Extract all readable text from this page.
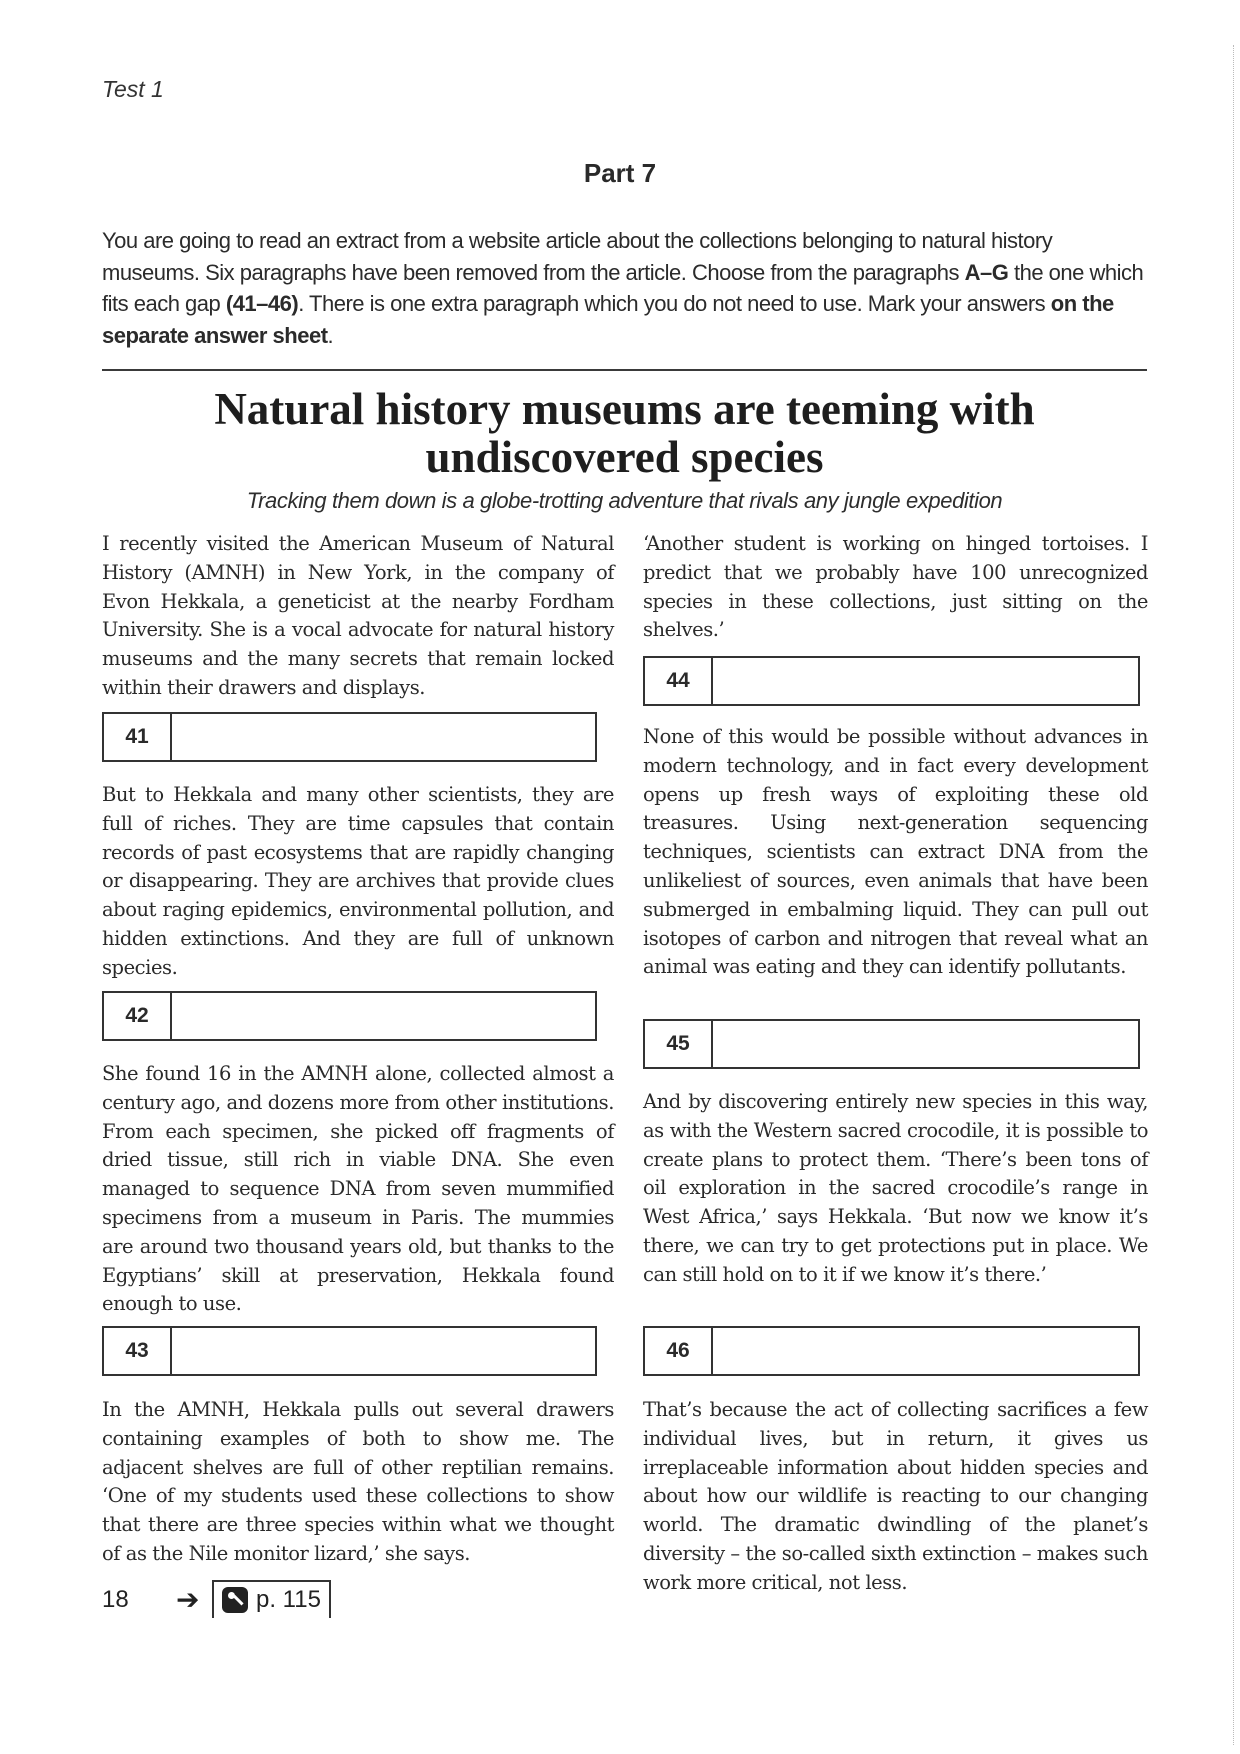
Test 1
Part 7
You are going to read an extract from a website article about the collections belonging to natural history museums. Six paragraphs have been removed from the article. Choose from the paragraphs A–G the one which fits each gap (41–46). There is one extra paragraph which you do not need to use. Mark your answers on the separate answer sheet.
Natural history museums are teeming with undiscovered species
Tracking them down is a globe-trotting adventure that rivals any jungle expedition

I recently visited the American Museum of Natural History (AMNH) in New York, in the company of Evon Hekkala, a geneticist at the nearby Fordham University. She is a vocal advocate for natural history museums and the many secrets that remain locked within their drawers and displays.

41

But to Hekkala and many other scientists, they are full of riches. They are time capsules that contain records of past ecosystems that are rapidly changing or disappearing. They are archives that provide clues about raging epidemics, environmental pollution, and hidden extinctions. And they are full of unknown species.

42

She found 16 in the AMNH alone, collected almost a century ago, and dozens more from other institutions. From each specimen, she picked off fragments of dried tissue, still rich in viable DNA. She even managed to sequence DNA from seven mummified specimens from a museum in Paris. The mummies are around two thousand years old, but thanks to the Egyptians’ skill at preservation, Hekkala found enough to use.

43

In the AMNH, Hekkala pulls out several drawers containing examples of both to show me. The adjacent shelves are full of other reptilian remains. ‘One of my students used these collections to show that there are three species within what we thought of as the Nile monitor lizard,’ she says.

‘Another student is working on hinged tortoises. I predict that we probably have 100 unrecognized species in these collections, just sitting on the shelves.’

44

None of this would be possible without advances in modern technology, and in fact every development opens up fresh ways of exploiting these old treasures. Using next-generation sequencing techniques, scientists can extract DNA from the unlikeliest of sources, even animals that have been submerged in embalming liquid. They can pull out isotopes of carbon and nitrogen that reveal what an animal was eating and they can identify pollutants.

45

And by discovering entirely new species in this way, as with the Western sacred crocodile, it is possible to create plans to protect them. ‘There’s been tons of oil exploration in the sacred crocodile’s range in West Africa,’ says Hekkala. ‘But now we know it’s there, we can try to get protections put in place. We can still hold on to it if we know it’s there.’

46

That’s because the act of collecting sacrifices a few individual lives, but in return, it gives us irreplaceable information about hidden species and about how our wildlife is reacting to our changing world. The dramatic dwindling of the planet’s diversity – the so-called sixth extinction – makes such work more critical, not less.

18 ➔ p. 115
